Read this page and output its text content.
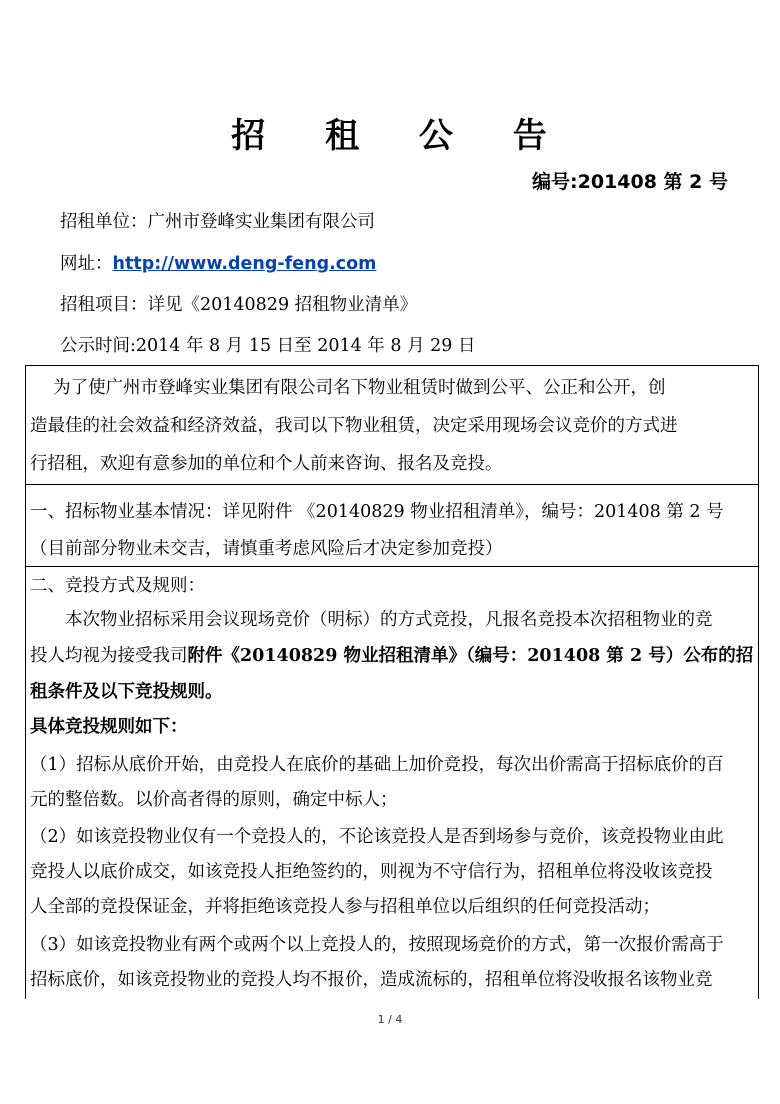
招 租 公 告
编号:201408 第 2 号
招租单位：广州市登峰实业集团有限公司
网址：http://www.deng-feng.com
招租项目：详见《20140829 招租物业清单》
公示时间:2014 年 8 月 15 日至 2014 年 8 月 29 日
　 为了使广州市登峰实业集团有限公司名下物业租赁时做到公平、公正和公开，创
造最佳的社会效益和经济效益，我司以下物业租赁，决定采用现场会议竞价的方式进
行招租，欢迎有意参加的单位和个人前来咨询、报名及竞投。
一、招标物业基本情况：详见附件 《20140829 物业招租清单》，编号：201408 第 2 号
（目前部分物业未交吉，请慎重考虑风险后才决定参加竞投）
二、竞投方式及规则：
　　本次物业招标采用会议现场竞价（明标）的方式竞投，凡报名竞投本次招租物业的竞
投人均视为接受我司附件《20140829 物业招租清单》（编号：201408 第 2 号）公布的招
租条件及以下竞投规则。
具体竞投规则如下：
（1）招标从底价开始，由竞投人在底价的基础上加价竞投，每次出价需高于招标底价的百
元的整倍数。以价高者得的原则，确定中标人；
（2）如该竞投物业仅有一个竞投人的，不论该竞投人是否到场参与竞价，该竞投物业由此
竞投人以底价成交，如该竞投人拒绝签约的，则视为不守信行为，招租单位将没收该竞投
人全部的竞投保证金，并将拒绝该竞投人参与招租单位以后组织的任何竞投活动；
（3）如该竞投物业有两个或两个以上竞投人的，按照现场竞价的方式，第一次报价需高于
招标底价，如该竞投物业的竞投人均不报价，造成流标的，招租单位将没收报名该物业竞
1 / 4
